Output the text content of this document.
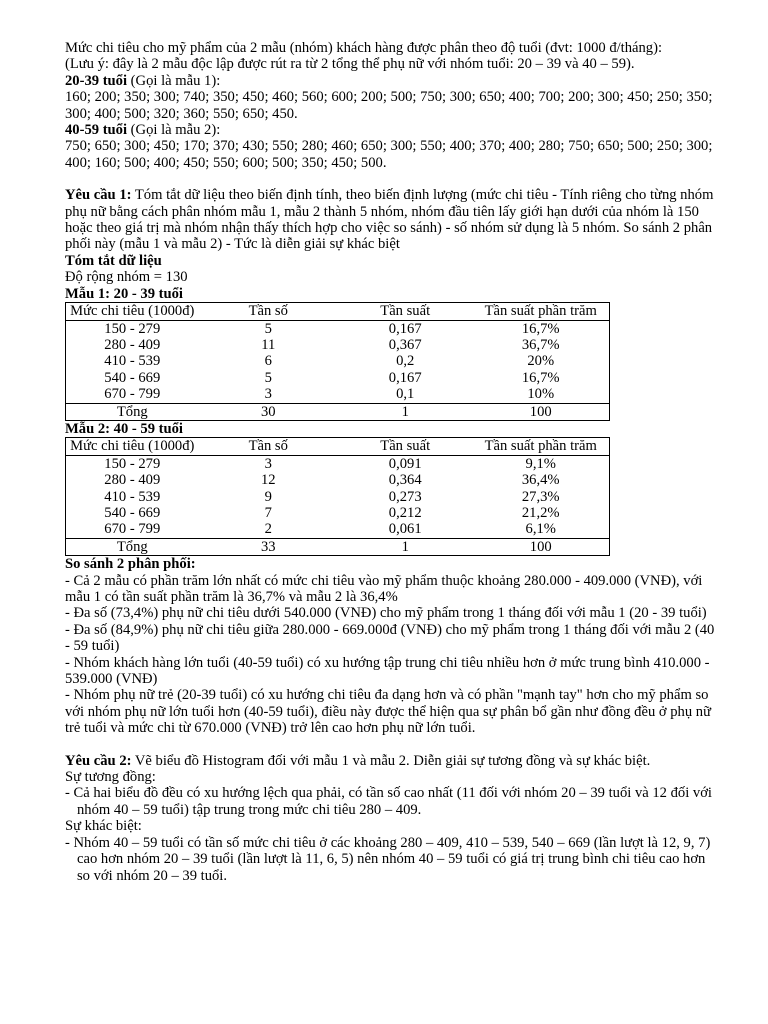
Mức chi tiêu cho mỹ phẩm của 2 mẫu (nhóm) khách hàng được phân theo độ tuổi (đvt: 1000 đ/tháng):

(Lưu ý: đây là 2 mẫu độc lập được rút ra từ 2 tổng thể phụ nữ với nhóm tuổi: 20 – 39 và 40 – 59).

20-39 tuổi (Gọi là mẫu 1):

160; 200; 350; 300; 740; 350; 450; 460; 560; 600; 200; 500; 750; 300; 650; 400; 700; 200; 300; 450; 250; 350; 300; 400; 500; 320; 360; 550; 650; 450.

40-59 tuổi (Gọi là mẫu 2):

750; 650; 300; 450; 170; 370; 430; 550; 280; 460; 650; 300; 550; 400; 370; 400; 280; 750; 650; 500; 250; 300; 400; 160; 500; 400; 450; 550; 600; 500; 350; 450; 500.

Yêu cầu 1: Tóm tắt dữ liệu theo biến định tính, theo biến định lượng (mức chi tiêu - Tính riêng cho từng nhóm phụ nữ bằng cách phân nhóm mẫu 1, mẫu 2 thành 5 nhóm, nhóm đầu tiên lấy giới hạn dưới của nhóm là 150 hoặc theo giá trị mà nhóm nhận thấy thích hợp cho việc so sánh) - số nhóm sử dụng là 5 nhóm. So sánh 2 phân phối này (mẫu 1 và mẫu 2) - Tức là diễn giải sự khác biệt

Tóm tắt dữ liệu

Độ rộng nhóm = 130

Mẫu 1: 20 - 39 tuổi

Mức chi tiêu (1000đ)	Tần số	Tần suất	Tần suất phần trăm
150 - 279	5	0,167	16,7%
280 - 409	11	0,367	36,7%
410 - 539	6	0,2	20%
540 - 669	5	0,167	16,7%
670 - 799	3	0,1	10%
Tổng	30	1	100

Mẫu 2: 40 - 59 tuổi

Mức chi tiêu (1000đ)	Tần số	Tần suất	Tần suất phần trăm
150 - 279	3	0,091	9,1%
280 - 409	12	0,364	36,4%
410 - 539	9	0,273	27,3%
540 - 669	7	0,212	21,2%
670 - 799	2	0,061	6,1%
Tổng	33	1	100

So sánh 2 phân phối:

- Cả 2 mẫu có phần trăm lớn nhất có mức chi tiêu vào mỹ phẩm thuộc khoảng 280.000 - 409.000 (VNĐ), với mẫu 1 có tần suất phần trăm là 36,7% và mẫu 2 là 36,4%

- Đa số (73,4%) phụ nữ chi tiêu dưới 540.000 (VNĐ) cho mỹ phẩm trong 1 tháng đối với mẫu 1 (20 - 39 tuổi)

- Đa số (84,9%) phụ nữ chi tiêu giữa 280.000 - 669.000đ (VNĐ) cho mỹ phẩm trong 1 tháng đối với mẫu 2 (40 - 59 tuổi)

- Nhóm khách hàng lớn tuổi (40-59 tuổi) có xu hướng tập trung chi tiêu nhiều hơn ở mức trung bình 410.000 - 539.000 (VNĐ)

- Nhóm phụ nữ trẻ (20-39 tuổi) có xu hướng chi tiêu đa dạng hơn và có phần "mạnh tay" hơn cho mỹ phẩm so với nhóm phụ nữ lớn tuổi hơn (40-59 tuổi), điều này được thể hiện qua sự phân bổ gần như đồng đều ở phụ nữ trẻ tuổi và mức chi từ 670.000 (VNĐ) trở lên cao hơn phụ nữ lớn tuổi.

Yêu cầu 2: Vẽ biểu đồ Histogram đối với mẫu 1 và mẫu 2. Diễn giải sự tương đồng và sự khác biệt.

Sự tương đồng:

- Cả hai biểu đồ đều có xu hướng lệch qua phải, có tần số cao nhất (11 đối với nhóm 20 – 39 tuổi và 12 đối với nhóm 40 – 59 tuổi) tập trung trong mức chi tiêu 280 – 409.

Sự khác biệt:

- Nhóm 40 – 59 tuổi có tần số mức chi tiêu ở các khoảng 280 – 409, 410 – 539, 540 – 669 (lần lượt là 12, 9, 7) cao hơn nhóm 20 – 39 tuổi (lần lượt là 11, 6, 5) nên nhóm 40 – 59 tuổi có giá trị trung bình chi tiêu cao hơn so với nhóm 20 – 39 tuổi.
